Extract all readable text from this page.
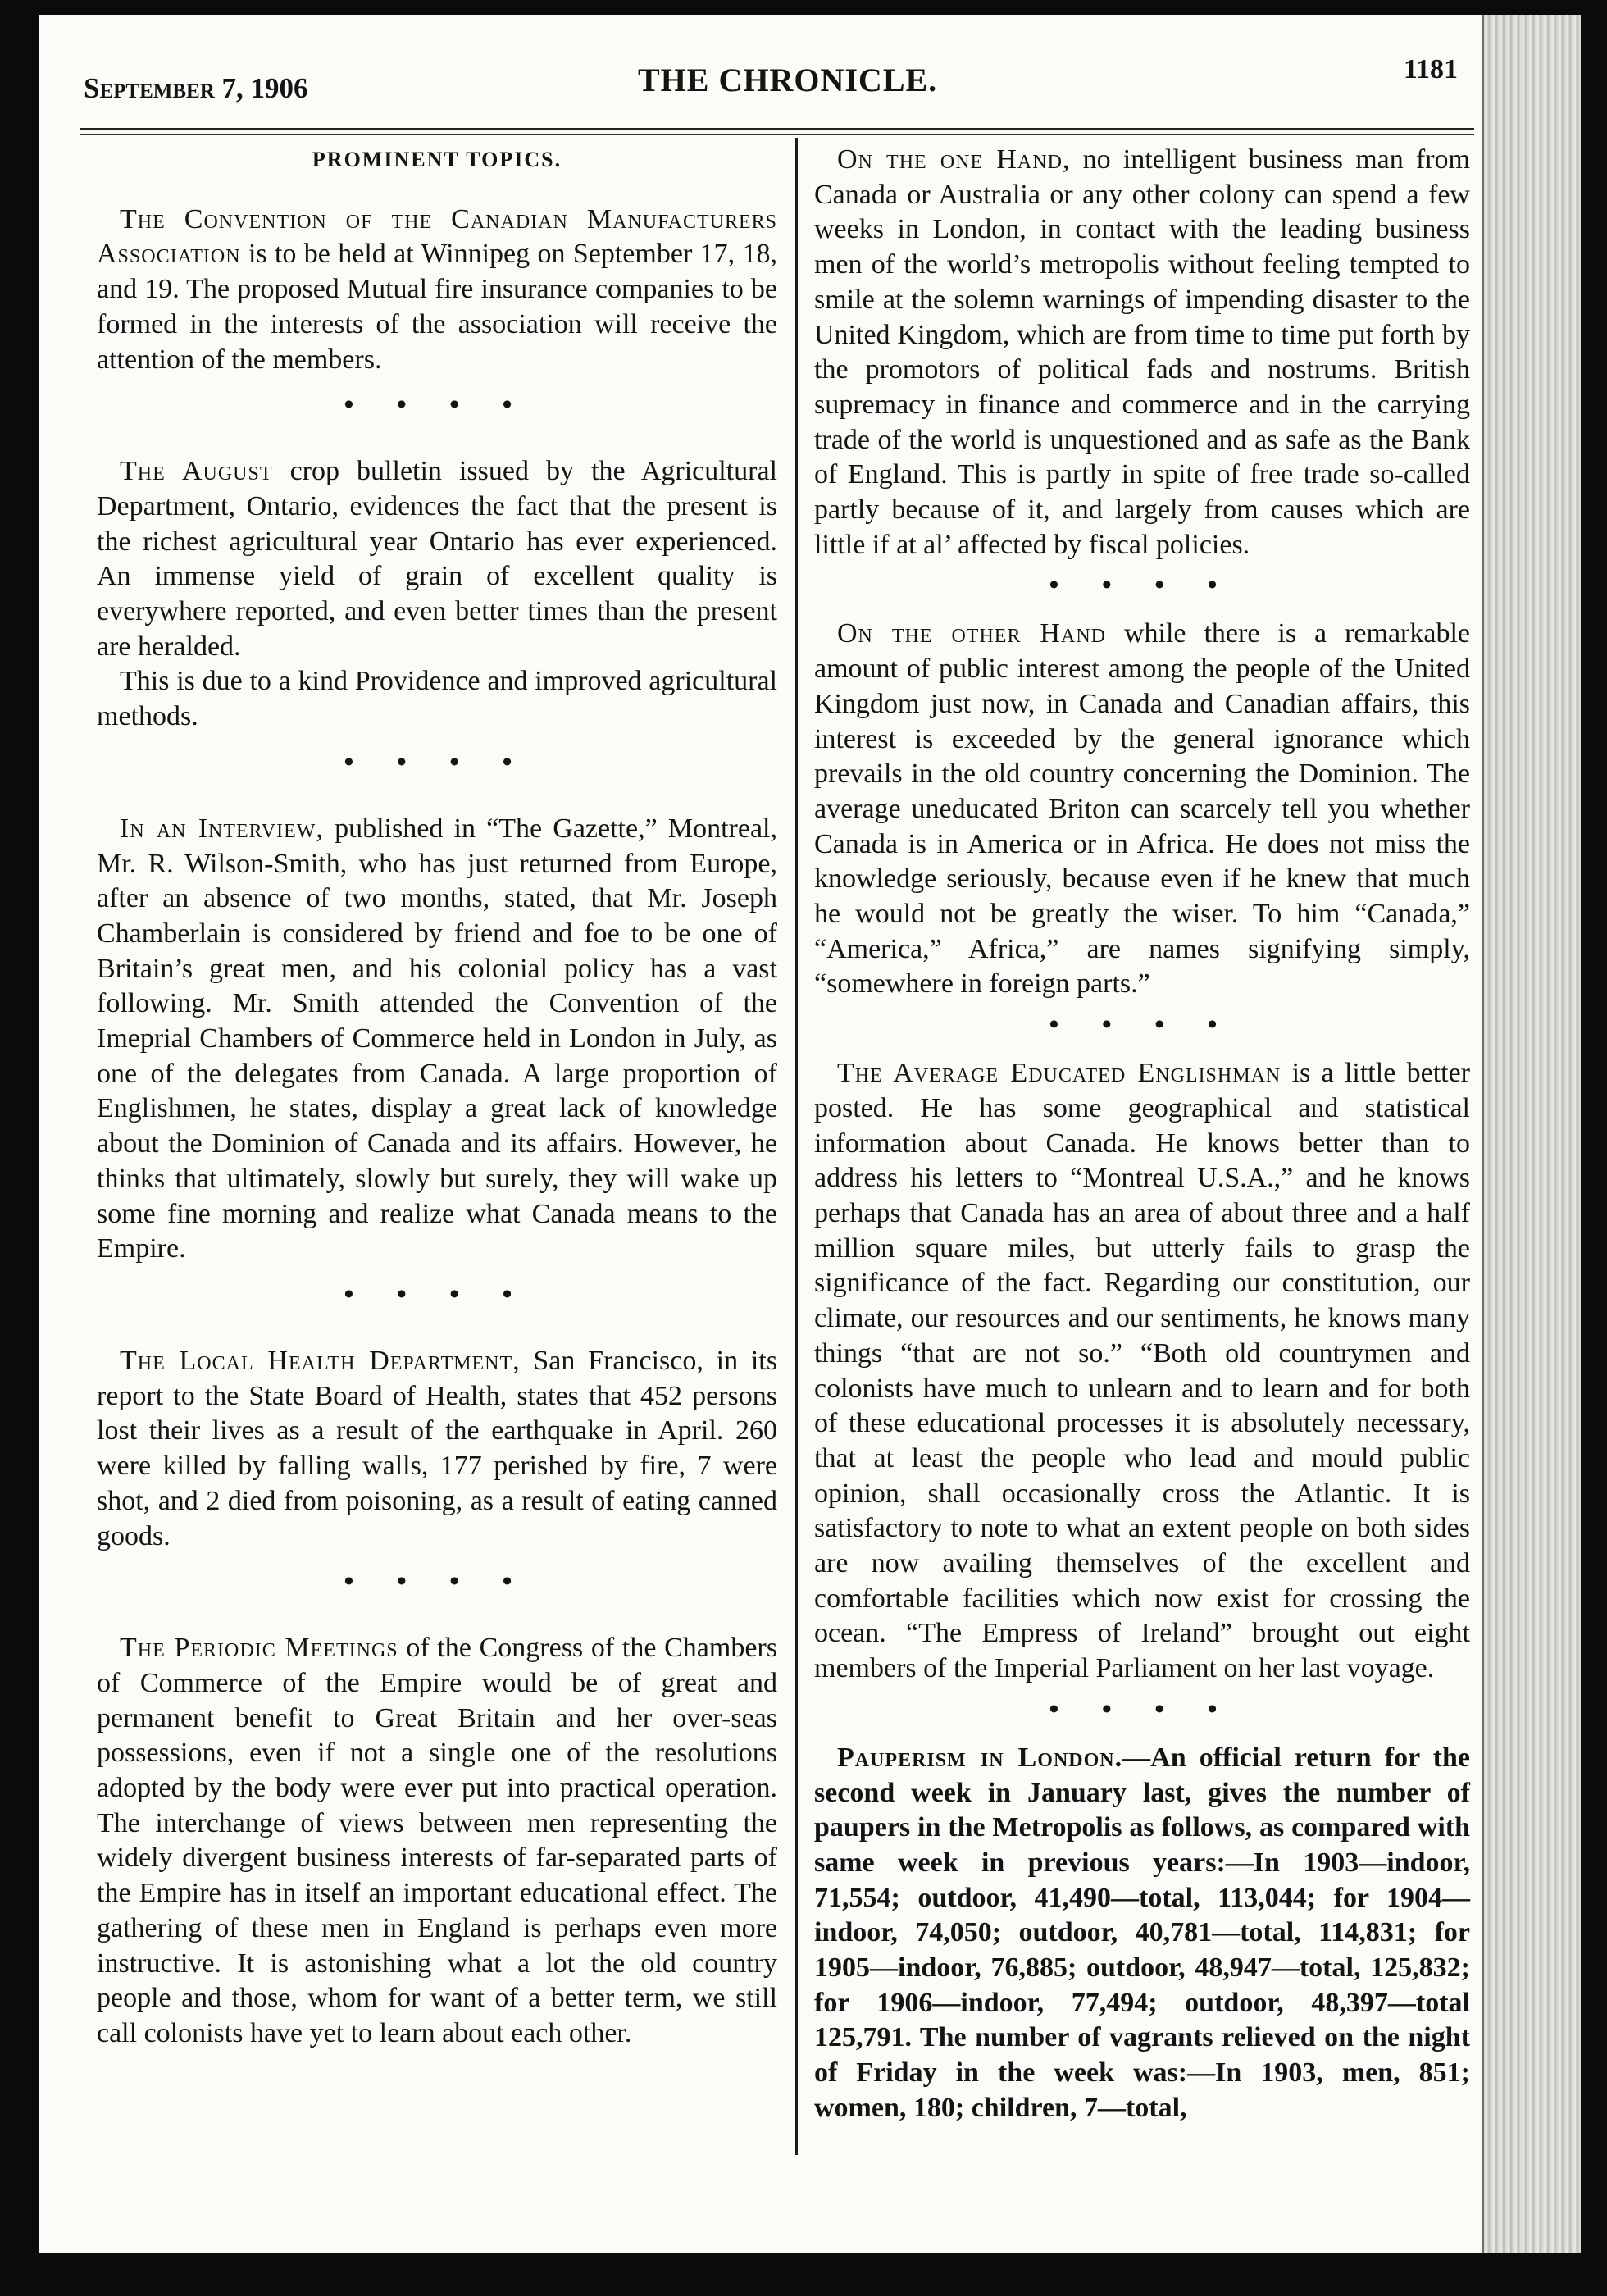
September 7, 1906	THE CHRONICLE.	1181
PROMINENT TOPICS.

The Convention of the Canadian Manufacturers Association is to be held at Winnipeg on September 17, 18, and 19. The proposed Mutual fire insurance companies to be formed in the interests of the association will receive the attention of the members.

• • • •

The August crop bulletin issued by the Agricultural Department, Ontario, evidences the fact that the present is the richest agricultural year Ontario has ever experienced. An immense yield of grain of excellent quality is everywhere reported, and even better times than the present are heralded.

This is due to a kind Providence and improved agricultural methods.

• • • •

In an Interview, published in “The Gazette,” Montreal, Mr. R. Wilson-Smith, who has just returned from Europe, after an absence of two months, stated, that Mr. Joseph Chamberlain is considered by friend and foe to be one of Britain’s great men, and his colonial policy has a vast following. Mr. Smith attended the Convention of the Imeprial Chambers of Commerce held in London in July, as one of the delegates from Canada. A large proportion of Englishmen, he states, display a great lack of knowledge about the Dominion of Canada and its affairs. However, he thinks that ultimately, slowly but surely, they will wake up some fine morning and realize what Canada means to the Empire.

• • • •

The Local Health Department, San Francisco, in its report to the State Board of Health, states that 452 persons lost their lives as a result of the earthquake in April. 260 were killed by falling walls, 177 perished by fire, 7 were shot, and 2 died from poisoning, as a result of eating canned goods.

• • • •

The Periodic Meetings of the Congress of the Chambers of Commerce of the Empire would be of great and permanent benefit to Great Britain and her over-seas possessions, even if not a single one of the resolutions adopted by the body were ever put into practical operation. The interchange of views between men representing the widely divergent business interests of far-separated parts of the Empire has in itself an important educational effect. The gathering of these men in England is perhaps even more instructive. It is astonishing what a lot the old country people and those, whom for want of a better term, we still call colonists have yet to learn about each other.

On the one Hand, no intelligent business man from Canada or Australia or any other colony can spend a few weeks in London, in contact with the leading business men of the world’s metropolis without feeling tempted to smile at the solemn warnings of impending disaster to the United Kingdom, which are from time to time put forth by the promotors of political fads and nostrums. British supremacy in finance and commerce and in the carrying trade of the world is unquestioned and as safe as the Bank of England. This is partly in spite of free trade so-called partly because of it, and largely from causes which are little if at al’ affected by fiscal policies.

• • • •

On the other Hand while there is a remarkable amount of public interest among the people of the United Kingdom just now, in Canada and Canadian affairs, this interest is exceeded by the general ignorance which prevails in the old country concerning the Dominion. The average uneducated Briton can scarcely tell you whether Canada is in America or in Africa. He does not miss the knowledge seriously, because even if he knew that much he would not be greatly the wiser. To him “Canada,” “America,” Africa,” are names signifying simply, “somewhere in foreign parts.”

• • • •

The Average Educated Englishman is a little better posted. He has some geographical and statistical information about Canada. He knows better than to address his letters to “Montreal U.S.A.,” and he knows perhaps that Canada has an area of about three and a half million square miles, but utterly fails to grasp the significance of the fact. Regarding our constitution, our climate, our resources and our sentiments, he knows many things “that are not so.” “Both old countrymen and colonists have much to unlearn and to learn and for both of these educational processes it is absolutely necessary, that at least the people who lead and mould public opinion, shall occasionally cross the Atlantic. It is satisfactory to note to what an extent people on both sides are now availing themselves of the excellent and comfortable facilities which now exist for crossing the ocean. “The Empress of Ireland” brought out eight members of the Imperial Parliament on her last voyage.

• • • •

Pauperism in London.—An official return for the second week in January last, gives the number of paupers in the Metropolis as follows, as compared with same week in previous years:—In 1903—indoor, 71,554; outdoor, 41,490—total, 113,044; for 1904—indoor, 74,050; outdoor, 40,781—total, 114,831; for 1905—indoor, 76,885; outdoor, 48,947—total, 125,832; for 1906—indoor, 77,494; outdoor, 48,397—total 125,791. The number of vagrants relieved on the night of Friday in the week was:—In 1903, men, 851; women, 180; children, 7—total,
